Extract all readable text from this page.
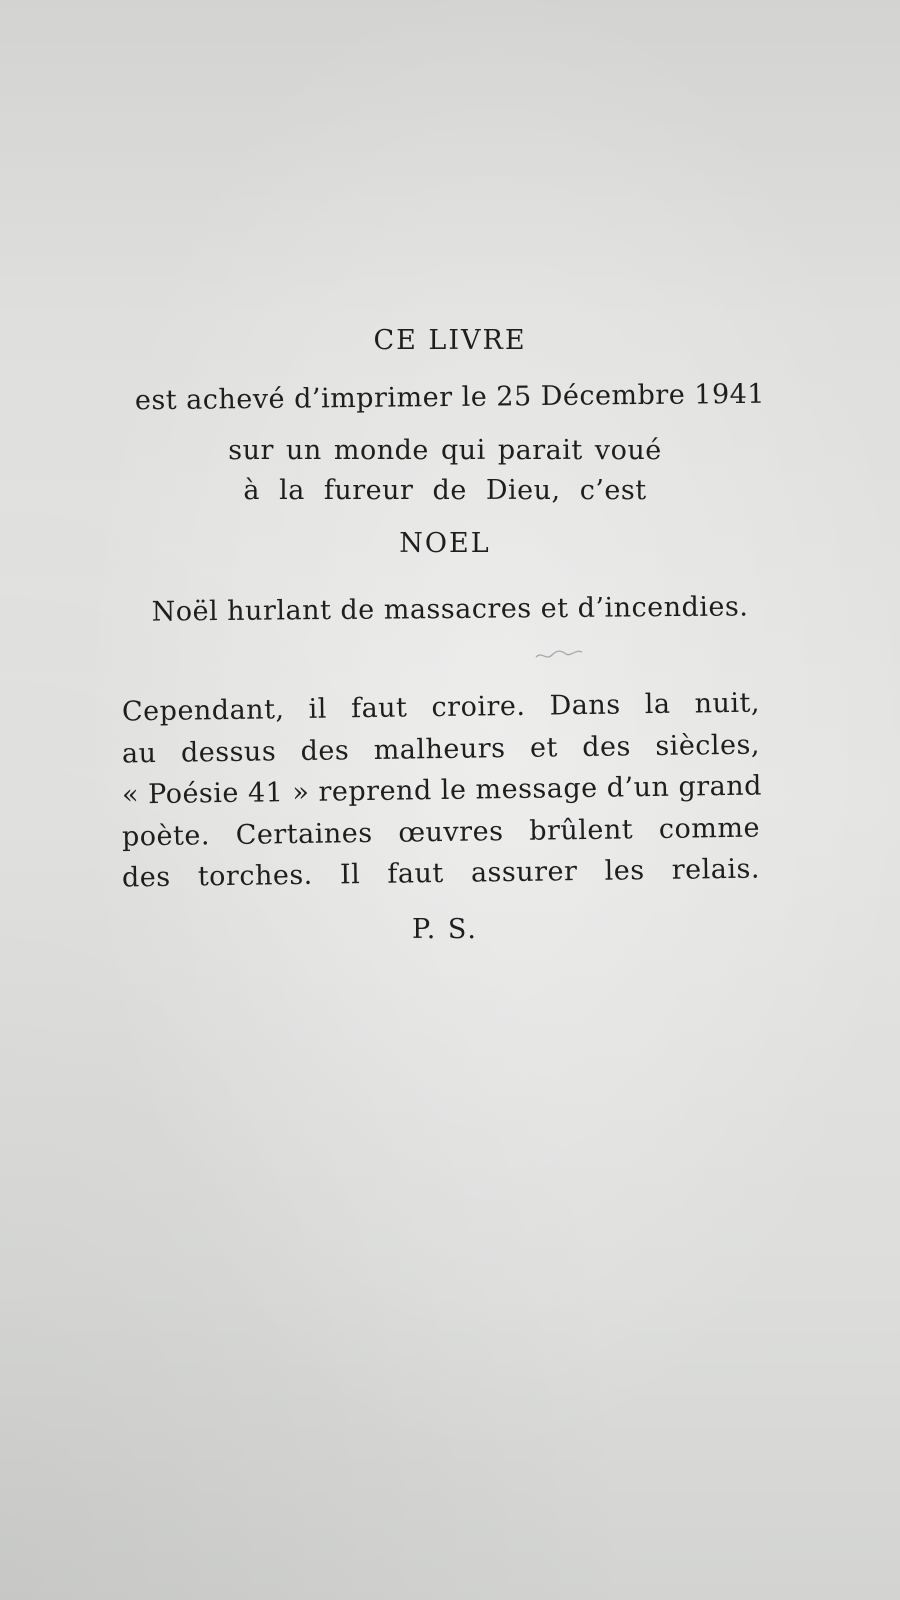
CE LIVRE
est achevé d’imprimer le 25 Décembre 1941
sur un monde qui parait voué
à la fureur de Dieu, c’est
NOEL
Noël hurlant de massacres et d’incendies.
Cependant, il faut croire. Dans la nuit,
au dessus des malheurs et des siècles,
« Poésie 41 » reprend le message d’un grand
poète. Certaines œuvres brûlent comme
des torches. Il faut assurer les relais.
P. S.
